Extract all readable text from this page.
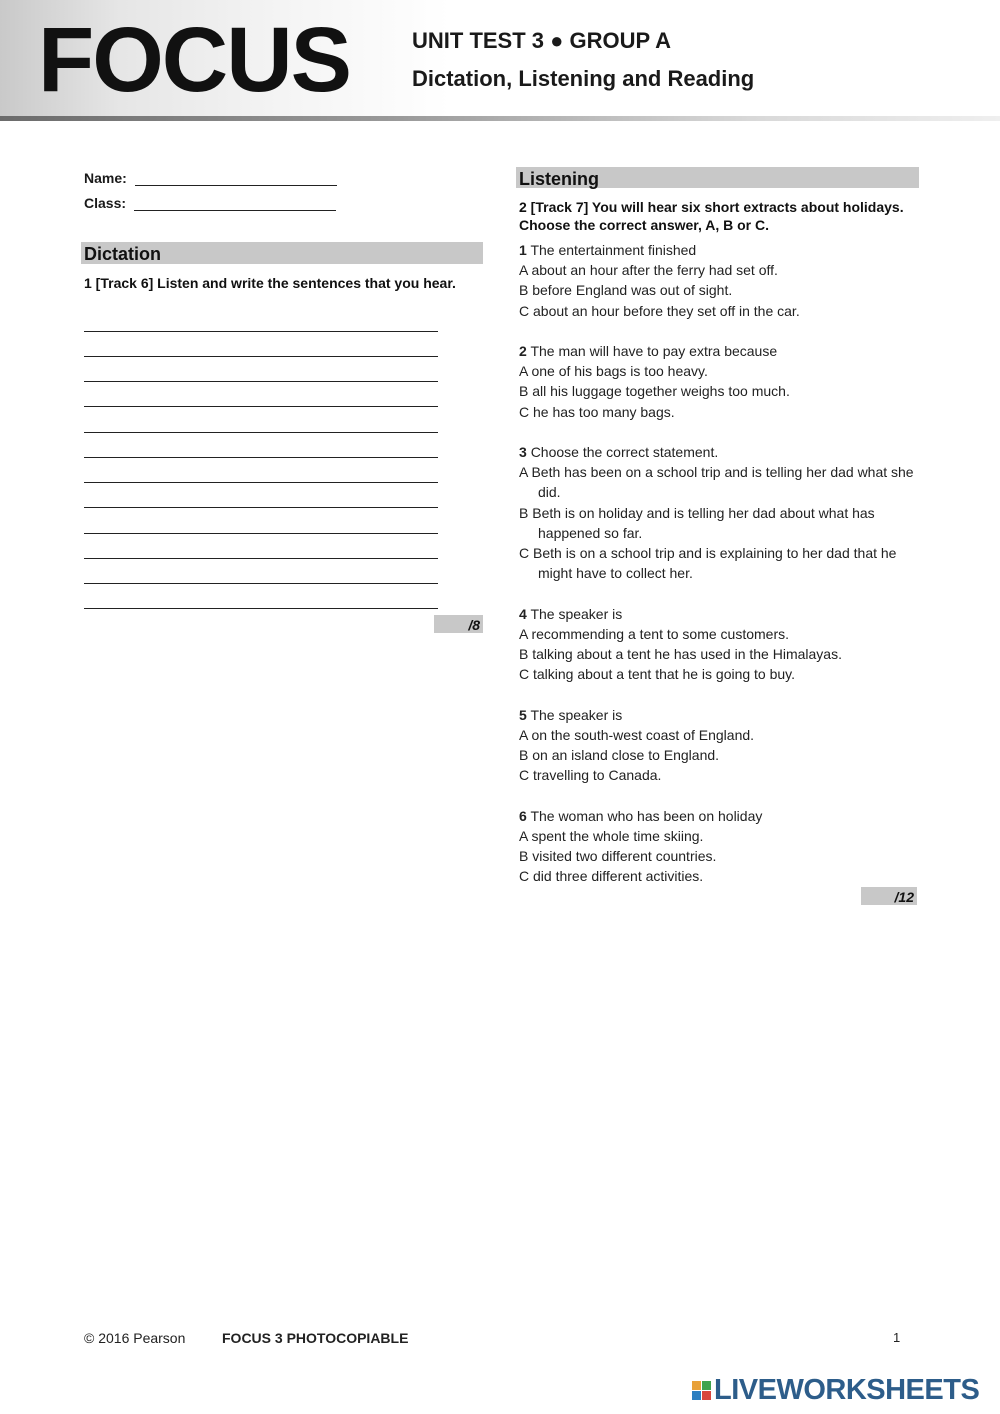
FOCUS	UNIT TEST 3 ● GROUP A
Dictation, Listening and Reading
Name:
Class:
Dictation
1 [Track 6] Listen and write the sentences that you hear.
/8
Listening
2 [Track 7] You will hear six short extracts about holidays. Choose the correct answer, A, B or C.
1 The entertainment finished
A about an hour after the ferry had set off.
B before England was out of sight.
C about an hour before they set off in the car.
2 The man will have to pay extra because
A one of his bags is too heavy.
B all his luggage together weighs too much.
C he has too many bags.
3 Choose the correct statement.
A Beth has been on a school trip and is telling her dad what she did.
B Beth is on holiday and is telling her dad about what has happened so far.
C Beth is on a school trip and is explaining to her dad that he might have to collect her.
4 The speaker is
A recommending a tent to some customers.
B talking about a tent he has used in the Himalayas.
C talking about a tent that he is going to buy.
5 The speaker is
A on the south-west coast of England.
B on an island close to England.
C travelling to Canada.
6 The woman who has been on holiday
A spent the whole time skiing.
B visited two different countries.
C did three different activities.
/12
© 2016 Pearson	FOCUS 3 PHOTOCOPIABLE	1
LIVEWORKSHEETS
